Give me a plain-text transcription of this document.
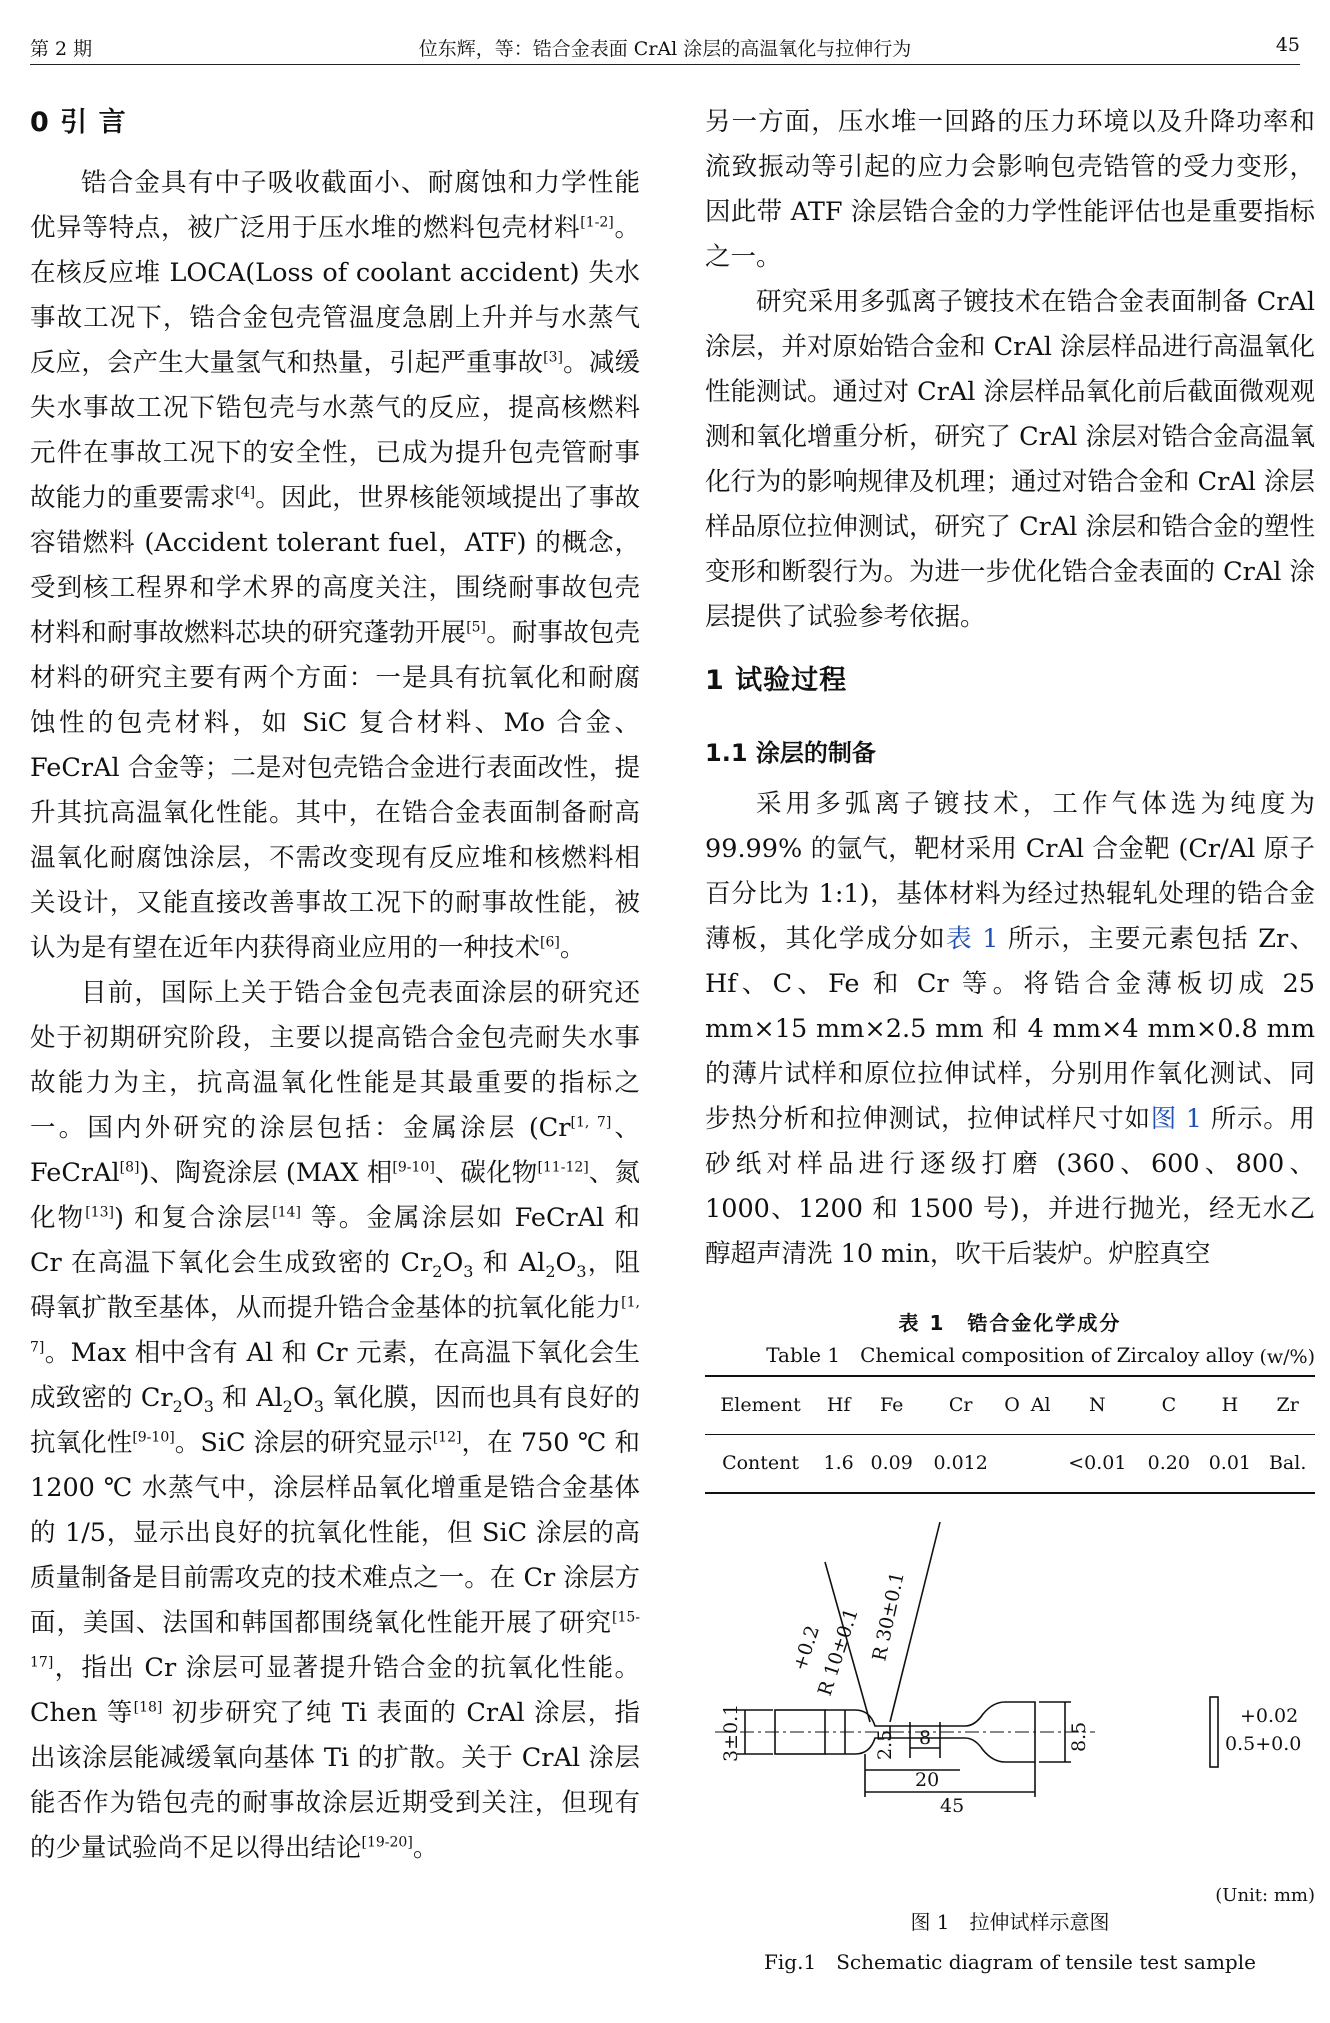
第 2 期	位东辉，等：锆合金表面 CrAl 涂层的高温氧化与拉伸行为	45
0 引 言

锆合金具有中子吸收截面小、耐腐蚀和力学性能优异等特点，被广泛用于压水堆的燃料包壳材料[1-2]。在核反应堆 LOCA(Loss of coolant accident) 失水事故工况下，锆合金包壳管温度急剧上升并与水蒸气反应，会产生大量氢气和热量，引起严重事故[3]。减缓失水事故工况下锆包壳与水蒸气的反应，提高核燃料元件在事故工况下的安全性，已成为提升包壳管耐事故能力的重要需求[4]。因此，世界核能领域提出了事故容错燃料 (Accident tolerant fuel，ATF) 的概念，受到核工程界和学术界的高度关注，围绕耐事故包壳材料和耐事故燃料芯块的研究蓬勃开展[5]。耐事故包壳材料的研究主要有两个方面：一是具有抗氧化和耐腐蚀性的包壳材料，如 SiC 复合材料、Mo 合金、FeCrAl 合金等；二是对包壳锆合金进行表面改性，提升其抗高温氧化性能。其中，在锆合金表面制备耐高温氧化耐腐蚀涂层，不需改变现有反应堆和核燃料相关设计，又能直接改善事故工况下的耐事故性能，被认为是有望在近年内获得商业应用的一种技术[6]。

目前，国际上关于锆合金包壳表面涂层的研究还处于初期研究阶段，主要以提高锆合金包壳耐失水事故能力为主，抗高温氧化性能是其最重要的指标之一。国内外研究的涂层包括：金属涂层 (Cr[1, 7]、FeCrAl[8])、陶瓷涂层 (MAX 相[9-10]、碳化物[11-12]、氮化物[13]) 和复合涂层[14] 等。金属涂层如 FeCrAl 和 Cr 在高温下氧化会生成致密的 $Cr_2O_3$ 和 $Al_2O_3$，阻碍氧扩散至基体，从而提升锆合金基体的抗氧化能力[1, 7]。Max 相中含有 Al 和 Cr 元素，在高温下氧化会生成致密的 $Cr_2O_3$ 和 $Al_2O_3$ 氧化膜，因而也具有良好的抗氧化性[9-10]。SiC 涂层的研究显示[12]，在 750 ℃ 和 1200 ℃ 水蒸气中，涂层样品氧化增重是锆合金基体的 1/5，显示出良好的抗氧化性能，但 SiC 涂层的高质量制备是目前需攻克的技术难点之一。在 Cr 涂层方面，美国、法国和韩国都围绕氧化性能开展了研究[15-17]，指出 Cr 涂层可显著提升锆合金的抗氧化性能。Chen 等[18] 初步研究了纯 Ti 表面的 CrAl 涂层，指出该涂层能减缓氧向基体 Ti 的扩散。关于 CrAl 涂层能否作为锆包壳的耐事故涂层近期受到关注，但现有的少量试验尚不足以得出结论[19-20]。

另一方面，压水堆一回路的压力环境以及升降功率和流致振动等引起的应力会影响包壳锆管的受力变形，因此带 ATF 涂层锆合金的力学性能评估也是重要指标之一。

研究采用多弧离子镀技术在锆合金表面制备 CrAl 涂层，并对原始锆合金和 CrAl 涂层样品进行高温氧化性能测试。通过对 CrAl 涂层样品氧化前后截面微观观测和氧化增重分析，研究了 CrAl 涂层对锆合金高温氧化行为的影响规律及机理；通过对锆合金和 CrAl 涂层样品原位拉伸测试，研究了 CrAl 涂层和锆合金的塑性变形和断裂行为。为进一步优化锆合金表面的 CrAl 涂层提供了试验参考依据。

1 试验过程
1.1 涂层的制备

采用多弧离子镀技术，工作气体选为纯度为 99.99% 的氩气，靶材采用 CrAl 合金靶 (Cr/Al 原子百分比为 1:1)，基体材料为经过热辊轧处理的锆合金薄板，其化学成分如表 1 所示，主要元素包括 Zr、Hf、C、Fe 和 Cr 等。将锆合金薄板切成 25 mm×15 mm×2.5 mm 和 4 mm×4 mm×0.8 mm 的薄片试样和原位拉伸试样，分别用作氧化测试、同步热分析和拉伸测试，拉伸试样尺寸如图 1 所示。用砂纸对样品进行逐级打磨 (360、600、800、1000、1200 和 1500 号)，并进行抛光，经无水乙醇超声清洗 10 min，吹干后装炉。炉腔真空

表 1　锆合金化学成分
Table 1　Chemical composition of Zircaloy alloy (w/%)
Element	Hf	Fe	Cr	O	Al	N	C	H	Zr
Content	1.6	0.09	0.012			<0.01	0.20	0.01	Bal.
+0.2
R 10±0.1 R 30±0.1
3±0.1	2.5 8
20
45
8.5
+0.02
0.5+0.0
(Unit: mm)
图 1　拉伸试样示意图
Fig.1　Schematic diagram of tensile test sample
